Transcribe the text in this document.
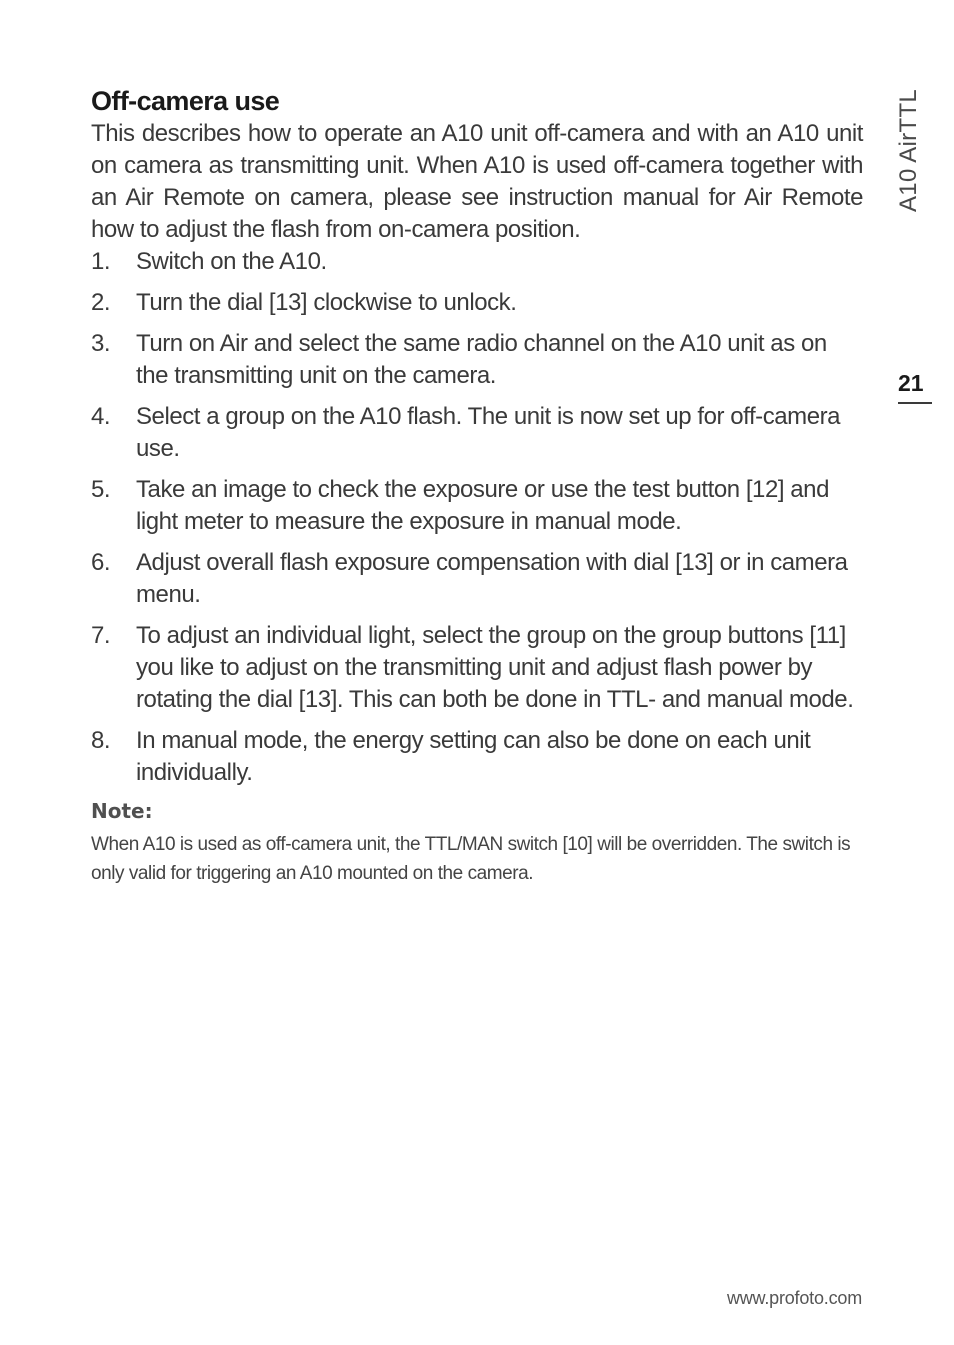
Off-camera use

This describes how to operate an A10 unit off-camera and with an A10 unit on camera as transmitting unit. When A10 is used off-camera together with an Air Remote on camera, please see instruction manual for Air Remote how to adjust the flash from on-camera position.

1. Switch on the A10.
2. Turn the dial [13] clockwise to unlock.
3. Turn on Air and select the same radio channel on the A10 unit as on the transmitting unit on the camera.
4. Select a group on the A10 flash. The unit is now set up for off-camera use.
5. Take an image to check the exposure or use the test button [12] and light meter to measure the exposure in manual mode.
6. Adjust overall flash exposure compensation with dial [13] or in camera menu.
7. To adjust an individual light, select the group on the group buttons [11] you like to adjust on the transmitting unit and adjust flash power by rotating the dial [13]. This can both be done in TTL- and manual mode.
8. In manual mode, the energy setting can also be done on each unit individually.
Note:

When A10 is used as off-camera unit, the TTL/MAN switch [10] will be overridden. The switch is only valid for triggering an A10 mounted on the camera.

A10 AirTTL
21
www.profoto.com
